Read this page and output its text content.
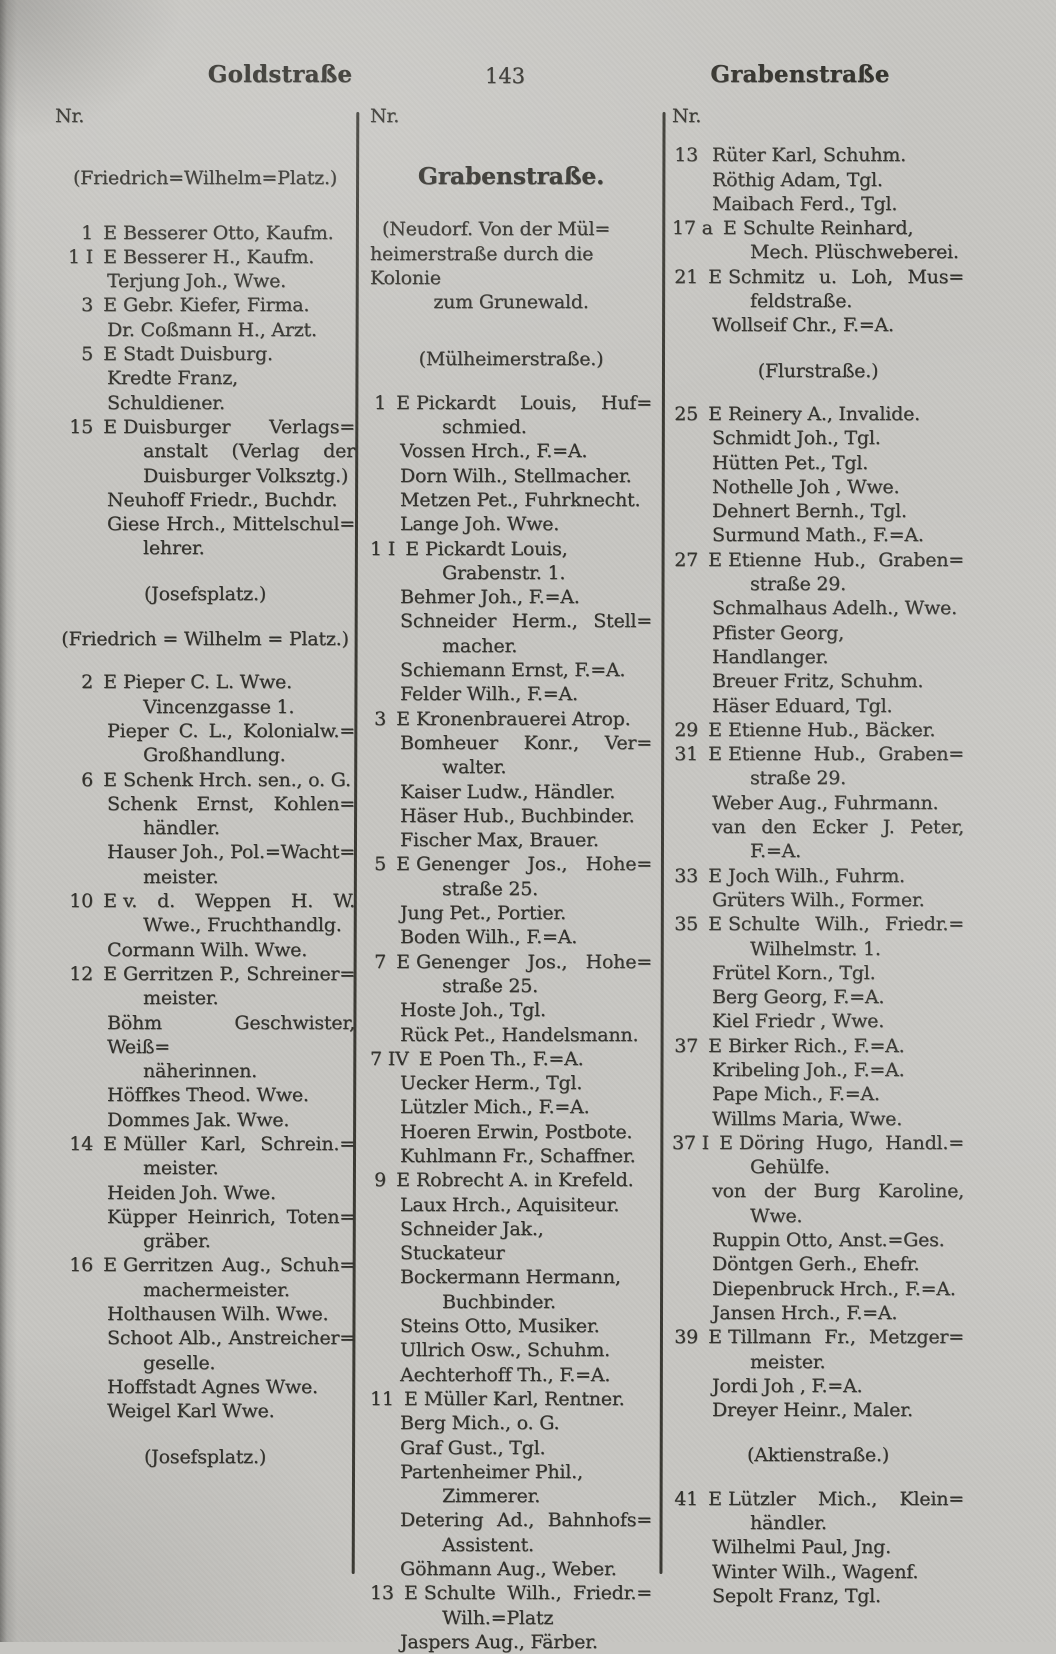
Goldstraße	143	Grabenstraße
Nr.
(Friedrich=Wilhelm=Platz.)
1 E Besserer Otto, Kaufm.
1 I E Besserer H., Kaufm.
Terjung Joh., Wwe.
3 E Gebr. Kiefer, Firma.
Dr. Coßmann H., Arzt.
5 E Stadt Duisburg.
Kredte Franz, Schuldiener.
15 E Duisburger Verlags=
anstalt (Verlag der
Duisburger Volksztg.)
Neuhoff Friedr., Buchdr.
Giese Hrch., Mittelschul=
lehrer.
(Josefsplatz.)
(Friedrich = Wilhelm = Platz.)
2 E Pieper C. L. Wwe.
Vincenzgasse 1.
Pieper C. L., Kolonialw.=
Großhandlung.
6 E Schenk Hrch. sen., o. G.
Schenk Ernst, Kohlen=
händler.
Hauser Joh., Pol.=Wacht=
meister.
10 E v. d. Weppen H. W.
Wwe., Fruchthandlg.
Cormann Wilh. Wwe.
12 E Gerritzen P., Schreiner=
meister.
Böhm Geschwister, Weiß=
näherinnen.
Höffkes Theod. Wwe.
Dommes Jak. Wwe.
14 E Müller Karl, Schrein.=
meister.
Heiden Joh. Wwe.
Küpper Heinrich, Toten=
gräber.
16 E Gerritzen Aug., Schuh=
machermeister.
Holthausen Wilh. Wwe.
Schoot Alb., Anstreicher=
geselle.
Hoffstadt Agnes Wwe.
Weigel Karl Wwe.
(Josefsplatz.)
Nr.
Grabenstraße.
(Neudorf. Von der Mül=
heimerstraße durch die Kolonie
zum Grunewald.
(Mülheimerstraße.)
1 E Pickardt Louis, Huf=
schmied.
Vossen Hrch., F.=A.
Dorn Wilh., Stellmacher.
Metzen Pet., Fuhrknecht.
Lange Joh. Wwe.
1 I E Pickardt Louis,
Grabenstr. 1.
Behmer Joh., F.=A.
Schneider Herm., Stell=
macher.
Schiemann Ernst, F.=A.
Felder Wilh., F.=A.
3 E Kronenbrauerei Atrop.
Bomheuer Konr., Ver=
walter.
Kaiser Ludw., Händler.
Häser Hub., Buchbinder.
Fischer Max, Brauer.
5 E Genenger Jos., Hohe=
straße 25.
Jung Pet., Portier.
Boden Wilh., F.=A.
7 E Genenger Jos., Hohe=
straße 25.
Hoste Joh., Tgl.
Rück Pet., Handelsmann.
7 IV E Poen Th., F.=A.
Uecker Herm., Tgl.
Lützler Mich., F.=A.
Hoeren Erwin, Postbote.
Kuhlmann Fr., Schaffner.
9 E Robrecht A. in Krefeld.
Laux Hrch., Aquisiteur.
Schneider Jak., Stuckateur
Bockermann Hermann,
Buchbinder.
Steins Otto, Musiker.
Ullrich Osw., Schuhm.
Aechterhoff Th., F.=A.
11 E Müller Karl, Rentner.
Berg Mich., o. G.
Graf Gust., Tgl.
Partenheimer Phil.,
Zimmerer.
Detering Ad., Bahnhofs=
Assistent.
Göhmann Aug., Weber.
13 E Schulte Wilh., Friedr.=
Wilh.=Platz
Jaspers Aug., Färber.
Nr.
13 Rüter Karl, Schuhm.
Röthig Adam, Tgl.
Maibach Ferd., Tgl.
17 a E Schulte Reinhard,
Mech. Plüschweberei.
21 E Schmitz u. Loh, Mus=
feldstraße.
Wollseif Chr., F.=A.
(Flurstraße.)
25 E Reinery A., Invalide.
Schmidt Joh., Tgl.
Hütten Pet., Tgl.
Nothelle Joh , Wwe.
Dehnert Bernh., Tgl.
Surmund Math., F.=A.
27 E Etienne Hub., Graben=
straße 29.
Schmalhaus Adelh., Wwe.
Pfister Georg, Handlanger.
Breuer Fritz, Schuhm.
Häser Eduard, Tgl.
29 E Etienne Hub., Bäcker.
31 E Etienne Hub., Graben=
straße 29.
Weber Aug., Fuhrmann.
van den Ecker J. Peter,
F.=A.
33 E Joch Wilh., Fuhrm.
Grüters Wilh., Former.
35 E Schulte Wilh., Friedr.=
Wilhelmstr. 1.
Frütel Korn., Tgl.
Berg Georg, F.=A.
Kiel Friedr , Wwe.
37 E Birker Rich., F.=A.
Kribeling Joh., F.=A.
Pape Mich., F.=A.
Willms Maria, Wwe.
37 I E Döring Hugo, Handl.=
Gehülfe.
von der Burg Karoline,
Wwe.
Ruppin Otto, Anst.=Ges.
Döntgen Gerh., Ehefr.
Diepenbruck Hrch., F.=A.
Jansen Hrch., F.=A.
39 E Tillmann Fr., Metzger=
meister.
Jordi Joh , F.=A.
Dreyer Heinr., Maler.
(Aktienstraße.)
41 E Lützler Mich., Klein=
händler.
Wilhelmi Paul, Jng.
Winter Wilh., Wagenf.
Sepolt Franz, Tgl.
